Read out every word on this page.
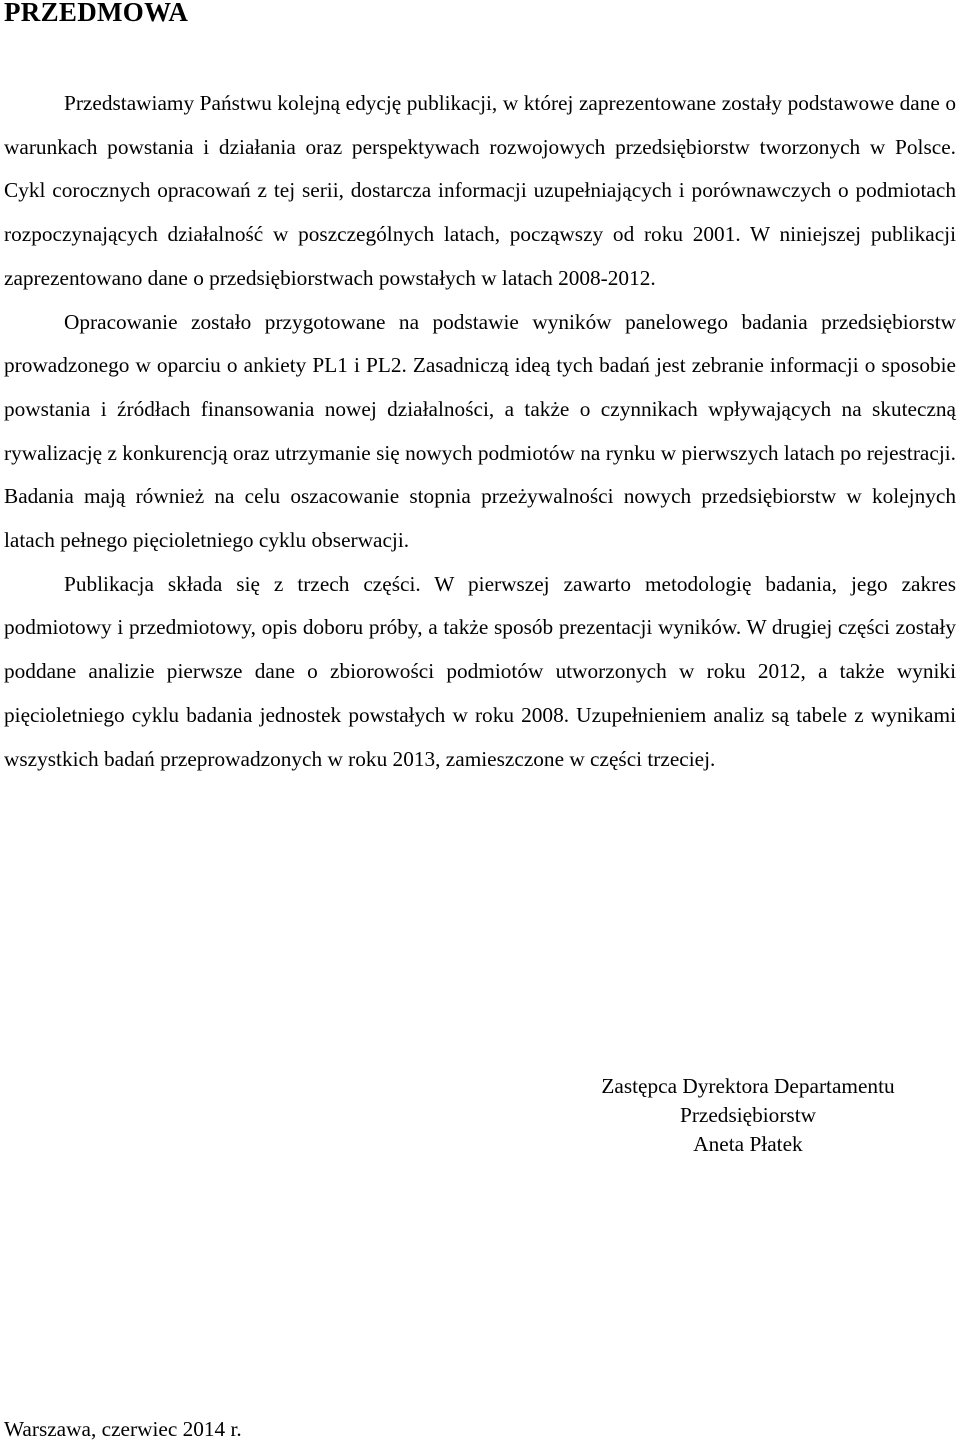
PRZEDMOWA

Przedstawiamy Państwu kolejną edycję publikacji, w której zaprezentowane zostały podstawowe dane o warunkach powstania i działania oraz perspektywach rozwojowych przedsiębiorstw tworzonych w Polsce. Cykl corocznych opracowań z tej serii, dostarcza informacji uzupełniających i porównawczych o podmiotach rozpoczynających działalność w poszczególnych latach, począwszy od roku 2001. W niniejszej publikacji zaprezentowano dane o przedsiębiorstwach powstałych w latach 2008-2012.

Opracowanie zostało przygotowane na podstawie wyników panelowego badania przedsiębiorstw prowadzonego w oparciu o ankiety PL1 i PL2. Zasadniczą ideą tych badań jest zebranie informacji o sposobie powstania i źródłach finansowania nowej działalności, a także o czynnikach wpływających na skuteczną rywalizację z konkurencją oraz utrzymanie się nowych podmiotów na rynku w pierwszych latach po rejestracji. Badania mają również na celu oszacowanie stopnia przeżywalności nowych przedsiębiorstw w kolejnych latach pełnego pięcioletniego cyklu obserwacji.

Publikacja składa się z trzech części. W pierwszej zawarto metodologię badania, jego zakres podmiotowy i przedmiotowy, opis doboru próby, a także sposób prezentacji wyników. W drugiej części zostały poddane analizie pierwsze dane o zbiorowości podmiotów utworzonych w roku 2012, a także wyniki pięcioletniego cyklu badania jednostek powstałych w roku 2008. Uzupełnieniem analiz są tabele z wynikami wszystkich badań przeprowadzonych w roku 2013, zamieszczone w części trzeciej.

Zastępca Dyrektora Departamentu
Przedsiębiorstw
Aneta Płatek
Warszawa, czerwiec 2014 r.
